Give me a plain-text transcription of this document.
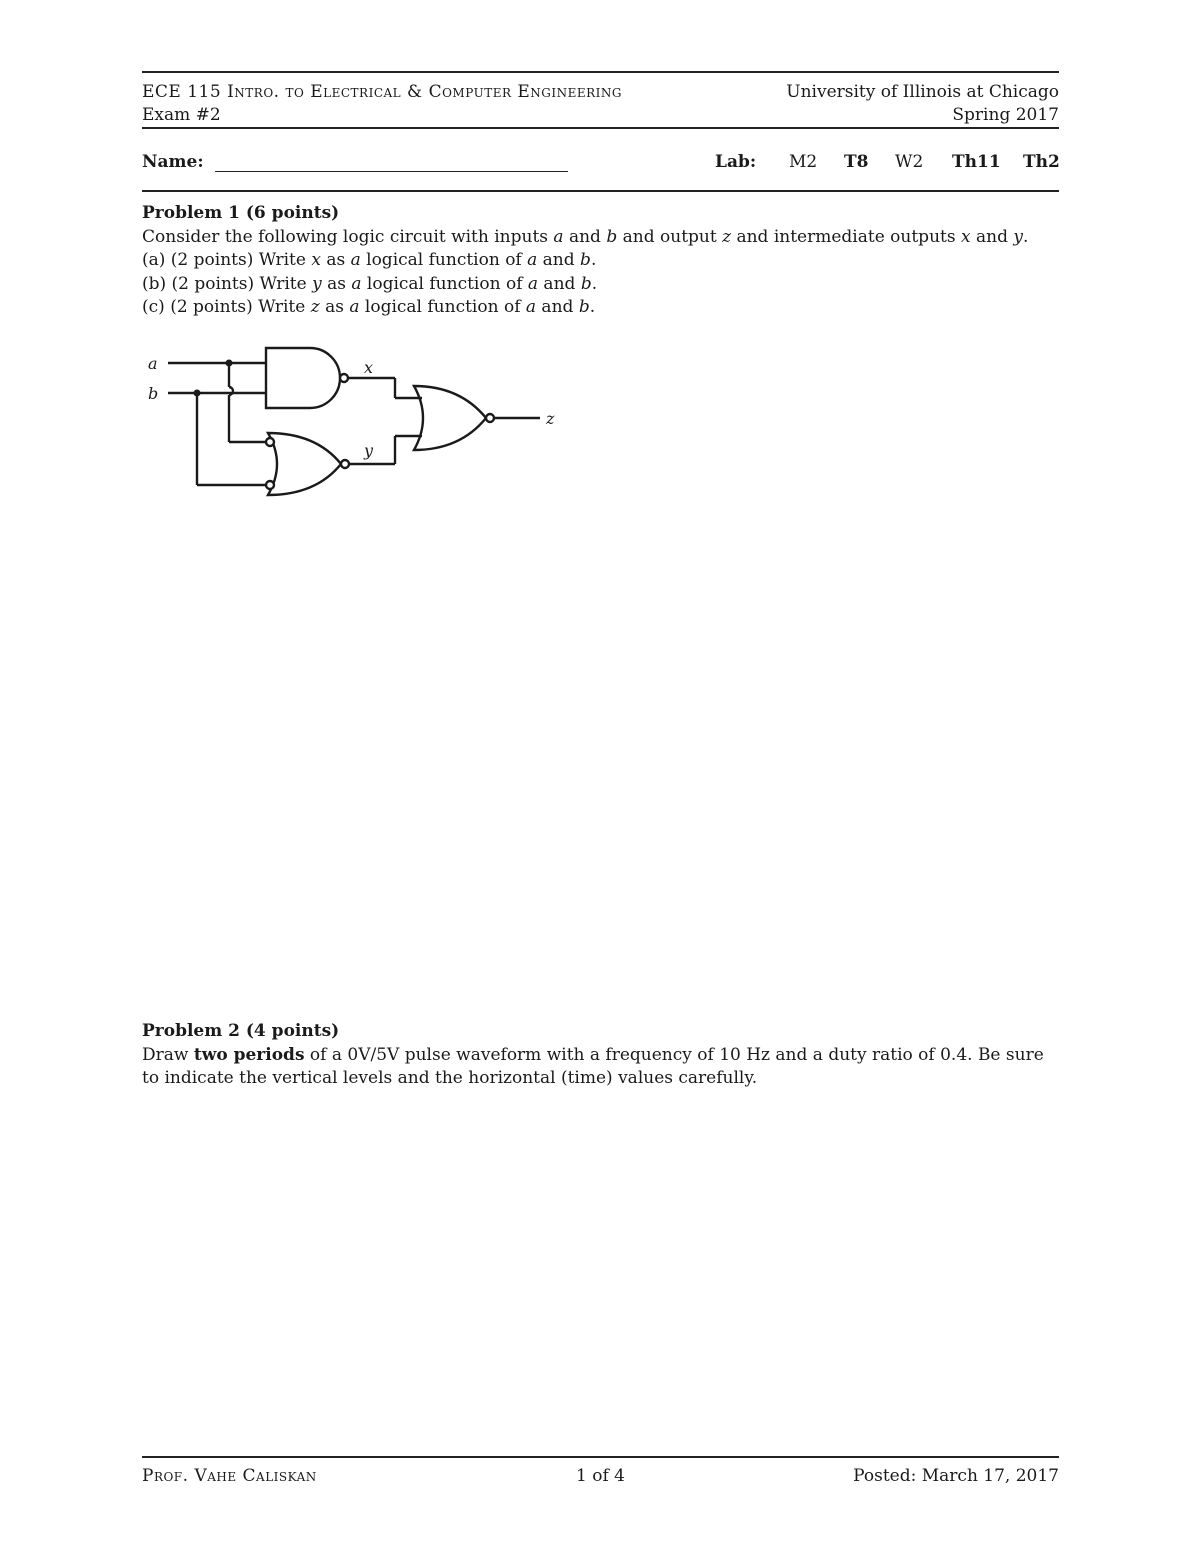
ECE 115 Intro. to Electrical & Computer Engineering	University of Illinois at Chicago
Exam #2	Spring 2017
Name:	Lab: M2 T8 W2 Th11 Th2

Problem 1 (6 points)

Consider the following logic circuit with inputs a and b and output z and intermediate outputs x and y.

(a) (2 points) Write x as a logical function of a and b.

(b) (2 points) Write y as a logical function of a and b.

(c) (2 points) Write z as a logical function of a and b.

a
b
x
y
z

Problem 2 (4 points)

Draw two periods of a 0V/5V pulse waveform with a frequency of 10 Hz and a duty ratio of 0.4. Be sure to indicate the vertical levels and the horizontal (time) values carefully.

Prof. Vahe Caliskan	1 of 4	Posted: March 17, 2017
